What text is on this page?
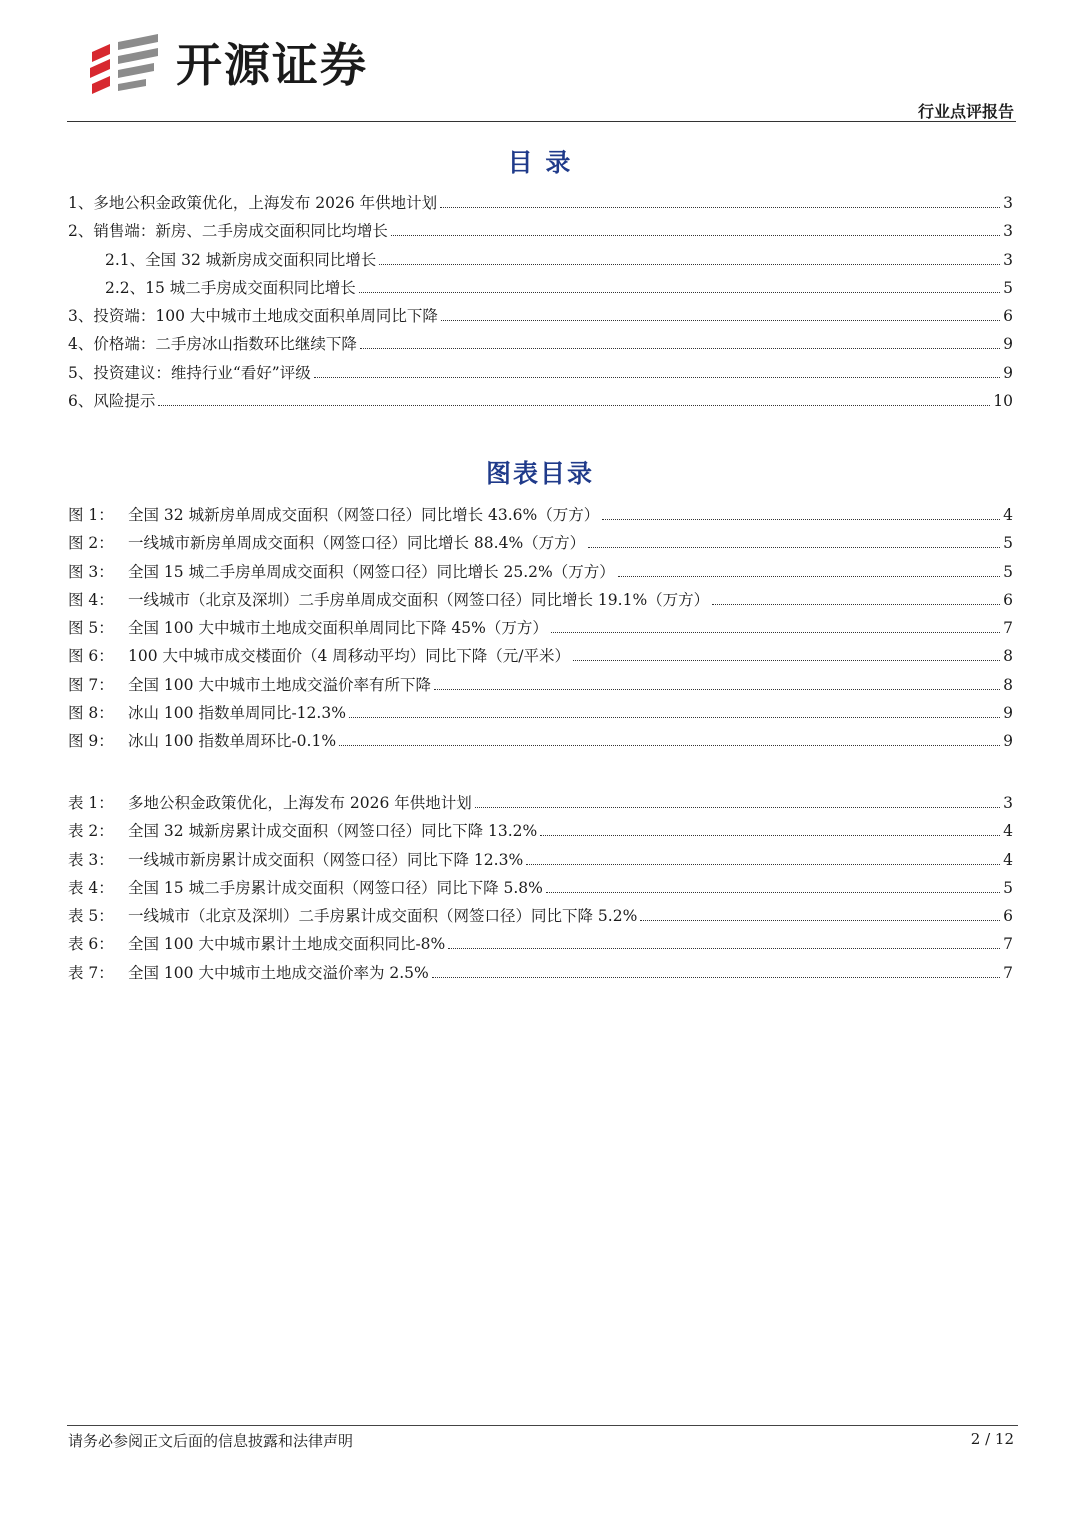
开源证券
行业点评报告
目 录
1、多地公积金政策优化，上海发布 2026 年供地计划	3
2、销售端：新房、二手房成交面积同比均增长	3
2.1、全国 32 城新房成交面积同比增长	3
2.2、15 城二手房成交面积同比增长	5
3、投资端：100 大中城市土地成交面积单周同比下降	6
4、价格端：二手房冰山指数环比继续下降	9
5、投资建议：维持行业“看好”评级	9
6、风险提示	10
图表目录
图 1： 全国 32 城新房单周成交面积（网签口径）同比增长 43.6%（万方）	4
图 2： 一线城市新房单周成交面积（网签口径）同比增长 88.4%（万方）	5
图 3： 全国 15 城二手房单周成交面积（网签口径）同比增长 25.2%（万方）	5
图 4： 一线城市（北京及深圳）二手房单周成交面积（网签口径）同比增长 19.1%（万方）	6
图 5： 全国 100 大中城市土地成交面积单周同比下降 45%（万方）	7
图 6： 100 大中城市成交楼面价（4 周移动平均）同比下降（元/平米）	8
图 7： 全国 100 大中城市土地成交溢价率有所下降	8
图 8： 冰山 100 指数单周同比-12.3%	9
图 9： 冰山 100 指数单周环比-0.1%	9
表 1： 多地公积金政策优化，上海发布 2026 年供地计划	3
表 2： 全国 32 城新房累计成交面积（网签口径）同比下降 13.2%	4
表 3： 一线城市新房累计成交面积（网签口径）同比下降 12.3%	4
表 4： 全国 15 城二手房累计成交面积（网签口径）同比下降 5.8%	5
表 5： 一线城市（北京及深圳）二手房累计成交面积（网签口径）同比下降 5.2%	6
表 6： 全国 100 大中城市累计土地成交面积同比-8%	7
表 7： 全国 100 大中城市土地成交溢价率为 2.5%	7
请务必参阅正文后面的信息披露和法律声明	2 / 12
